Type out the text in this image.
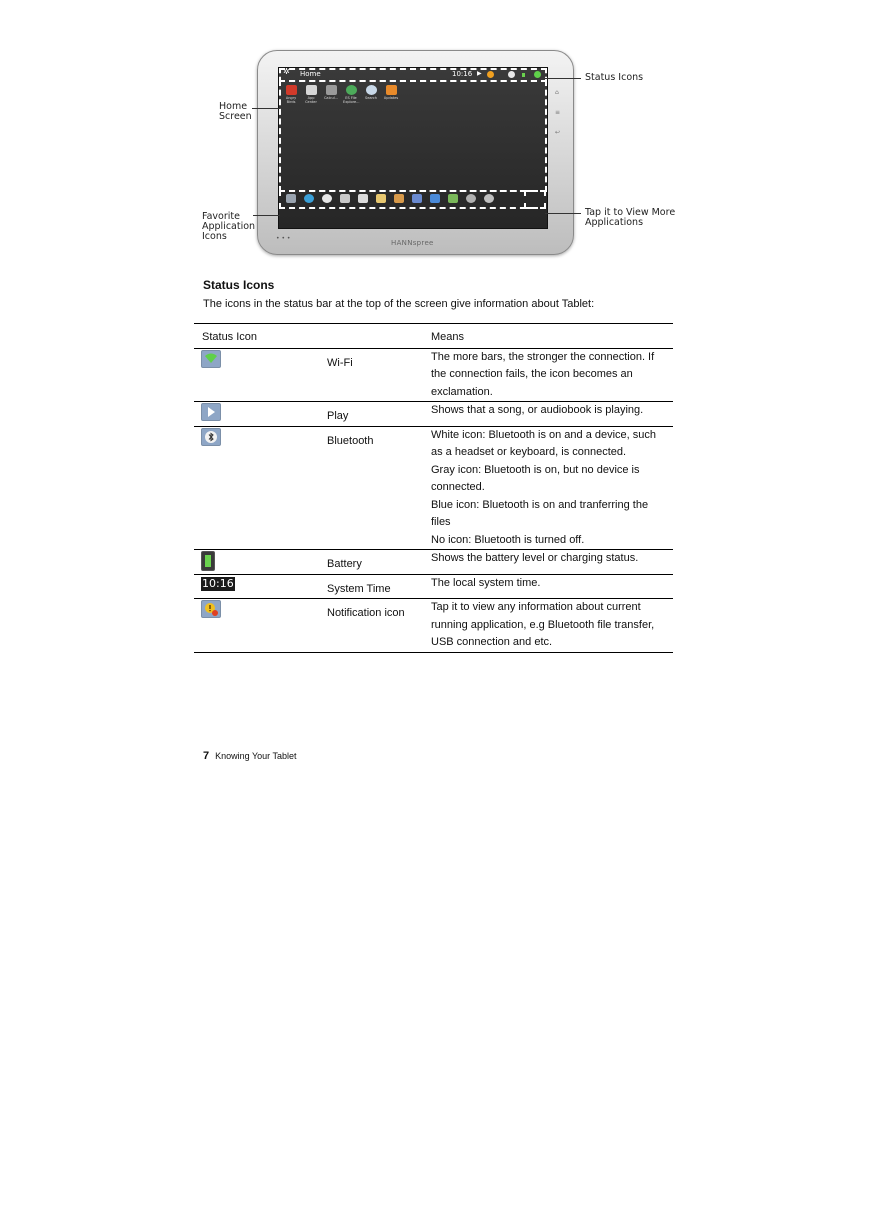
⌂
≡
↩
• • •
HANNspree
✲ Home	10:16 ▶
Angry Birds
App Center
Calcul...	ES File Explore...
Search	Updates
Home
Screen
Favorite
Application
Icons
Status Icons
Tap it to View More
Applications
Status Icons

The icons in the status bar at the top of the screen give information about Tablet:

Status Icon		Means
	Wi-Fi	The more bars, the stronger the connection. If the connection fails, the icon becomes an exclamation.

	Play	Shows that a song, or audiobook is playing.

	Bluetooth	White icon: Bluetooth is on and a device, such as a headset or keyboard, is connected.
Gray icon: Bluetooth is on, but no device is connected.
Blue icon: Bluetooth is on and tranferring the files
No icon: Bluetooth is turned off.

	Battery	Shows the battery level or charging status.

10:16	System Time	The local system time.

	Notification icon	Tap it to view any information about current running application, e.g Bluetooth file transfer, USB connection and etc.
7 Knowing Your Tablet
